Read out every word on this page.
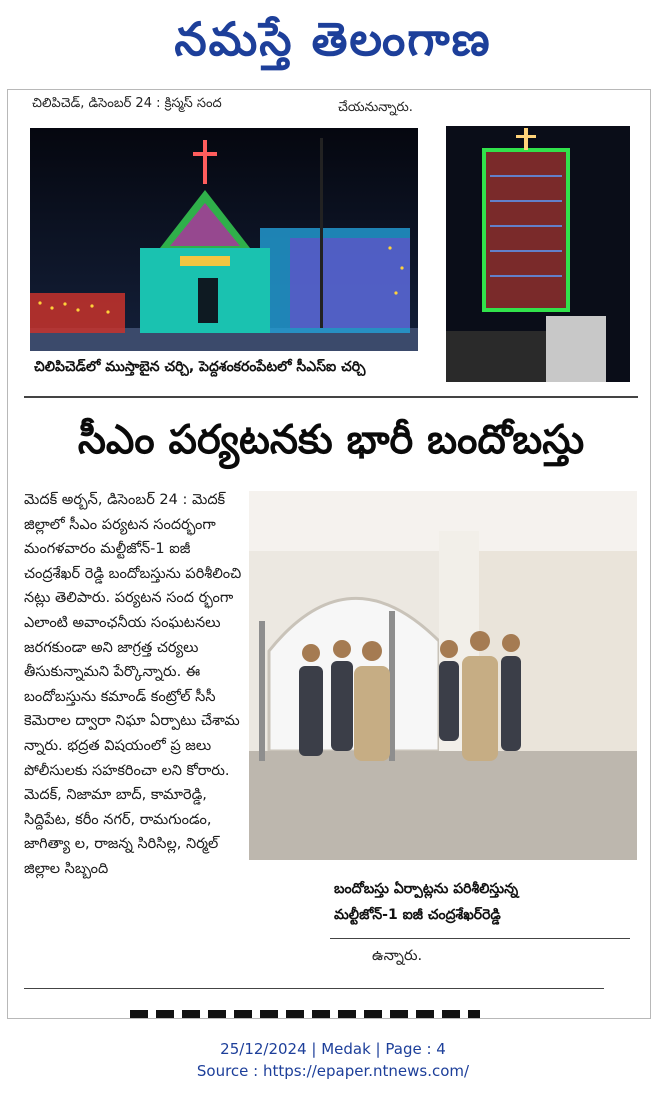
నమస్తే తెలంగాణ
చిలిపిచెడ్, డిసెంబర్ 24 : క్రిస్మస్ సంద	చేయనున్నారు.
చిలిపిచెడ్‌లో ముస్తాబైన చర్చి, పెద్దశంకరంపేటలో సీఎస్ఐ చర్చి
సీఎం పర్యటనకు భారీ బందోబస్తు

మెదక్ అర్బన్, డిసెంబర్ 24 : మెదక్ జిల్లాలో సీఎం పర్యటన సందర్భంగా మంగళవారం మల్టీజోన్-1 ఐజీ చంద్రశేఖర్ రెడ్డి బందోబస్తును పరిశీలించి నట్లు తెలిపారు. పర్యటన సంద ర్భంగా ఎలాంటి అవాంఛనీయ సంఘటనలు జరగకుండా అని జాగ్రత్త చర్యలు తీసుకున్నామని పేర్కొన్నారు. ఈ బందోబస్తును కమాండ్ కంట్రోల్ సీసీ కెమెరాల ద్వారా నిఘా ఏర్పాటు చేశామ న్నారు. భద్రత విషయంలో ప్ర జలు పోలీసులకు సహకరించా లని కోరారు. మెదక్, నిజామా బాద్, కామారెడ్డి, సిద్దిపేట, కరీం నగర్, రామగుండం, జాగిత్యా ల, రాజన్న సిరిసిల్ల, నిర్మల్ జిల్లాల సిబ్బంది

బందోబస్తు ఏర్పాట్లను పరిశీలిస్తున్న
మల్టీజోన్-1 ఐజీ చంద్రశేఖర్‌రెడ్డి
ఉన్నారు.
25/12/2024 | Medak | Page : 4
Source : https://epaper.ntnews.com/
